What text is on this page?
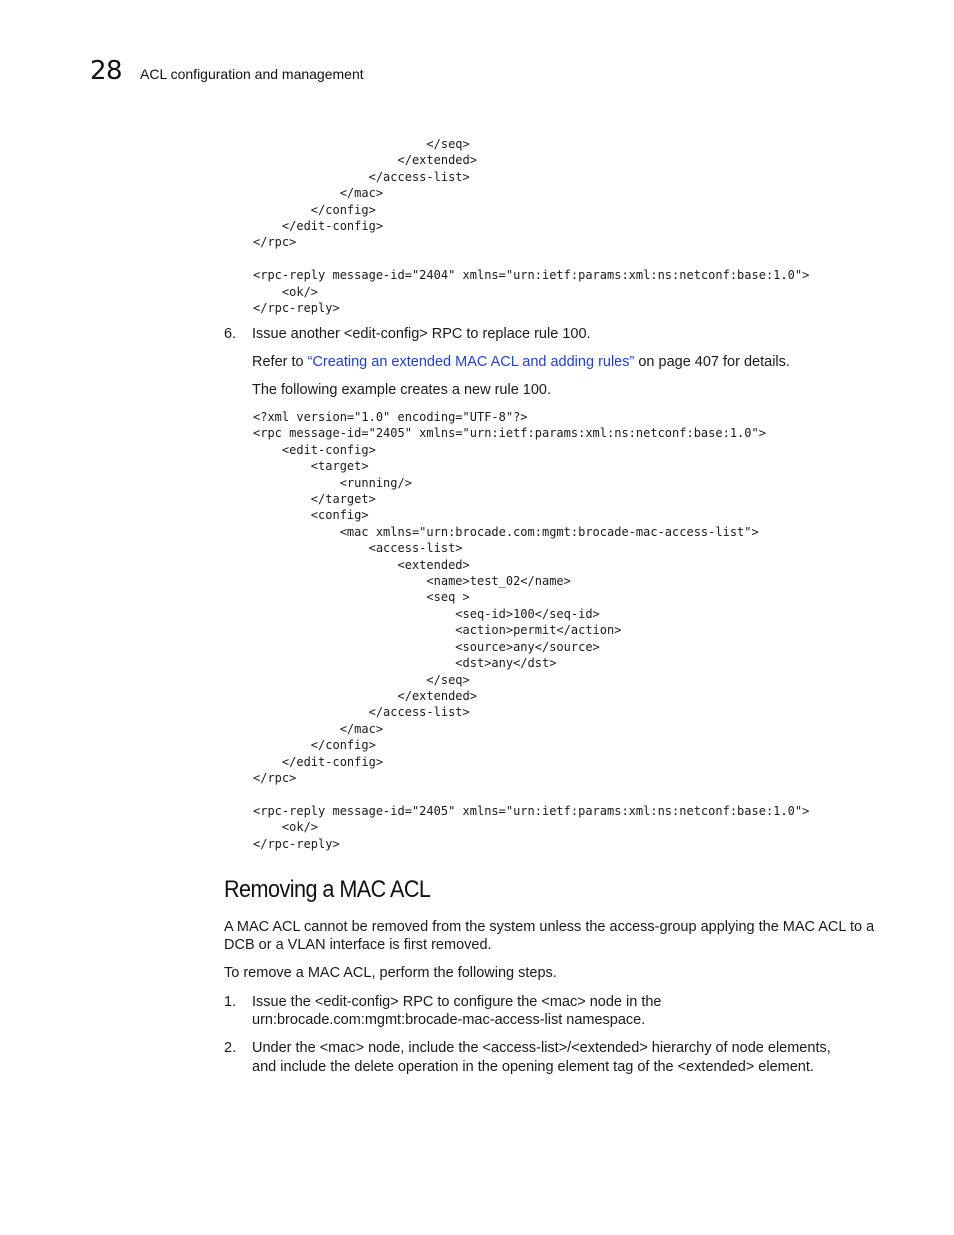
28 ACL configuration and management
</seq>
</extended>
</access-list>
</mac>
</config>
</edit-config>
</rpc>

<rpc-reply message-id="2404" xmlns="urn:ietf:params:xml:ns:netconf:base:1.0">
<ok/>
</rpc-reply>
6. Issue another <edit-config> RPC to replace rule 100.

Refer to “Creating an extended MAC ACL and adding rules” on page 407 for details.

The following example creates a new rule 100.

<?xml version="1.0" encoding="UTF-8"?>
<rpc message-id="2405" xmlns="urn:ietf:params:xml:ns:netconf:base:1.0">
<edit-config>
<target>
<running/>
</target>
<config>
<mac xmlns="urn:brocade.com:mgmt:brocade-mac-access-list">
<access-list>
<extended>
<name>test_02</name>
<seq >
<seq-id>100</seq-id>
<action>permit</action>
<source>any</source>
<dst>any</dst>
</seq>
</extended>
</access-list>
</mac>
</config>
</edit-config>
</rpc>

<rpc-reply message-id="2405" xmlns="urn:ietf:params:xml:ns:netconf:base:1.0">
<ok/>
</rpc-reply>
Removing a MAC ACL

A MAC ACL cannot be removed from the system unless the access-group applying the MAC ACL to a

DCB or a VLAN interface is first removed.

To remove a MAC ACL, perform the following steps.

1. Issue the <edit-config> RPC to configure the <mac> node in the

urn:brocade.com:mgmt:brocade-mac-access-list namespace.

2. Under the <mac> node, include the <access-list>/<extended> hierarchy of node elements,

and include the delete operation in the opening element tag of the <extended> element.
